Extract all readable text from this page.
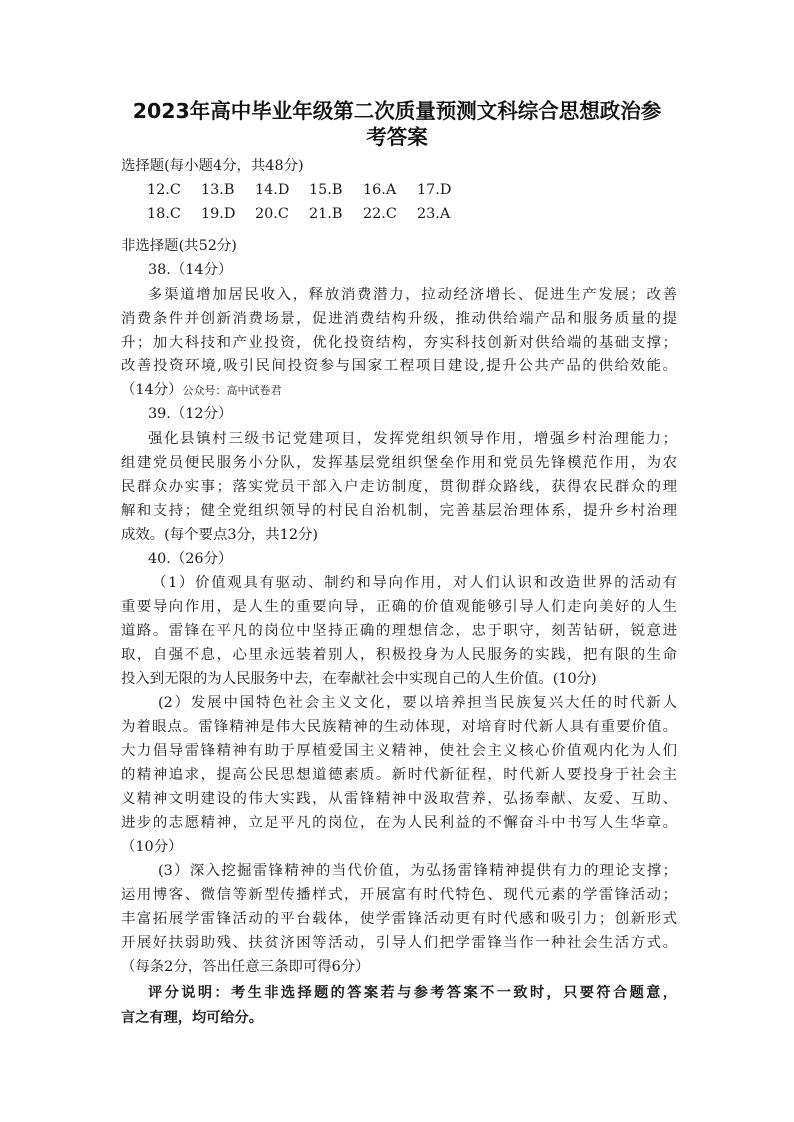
2023年高中毕业年级第二次质量预测文科综合思想政治参
考答案
选择题(每小题4分，共48分)
12.C 13.B 14.D 15.B 16.A 17.D
18.C 19.D 20.C 21.B 22.C 23.A
非选择题(共52分)
38.（14分）
多渠道增加居民收入，释放消费潜力，拉动经济增长、促进生产发展；改善
消费条件并创新消费场景，促进消费结构升级，推动供给端产品和服务质量的提
升；加大科技和产业投资，优化投资结构，夯实科技创新对供给端的基础支撑；
改善投资环境,吸引民间投资参与国家工程项目建设,提升公共产品的供给效能。
（14分）公众号：高中试卷君
39.（12分）
强化县镇村三级书记党建项目，发挥党组织领导作用，增强乡村治理能力；
组建党员便民服务小分队，发挥基层党组织堡垒作用和党员先锋模范作用，为农
民群众办实事；落实党员干部入户走访制度，贯彻群众路线，获得农民群众的理
解和支持；健全党组织领导的村民自治机制，完善基层治理体系，提升乡村治理
成效。(每个要点3分，共12分)
40.（26分）
（1）价值观具有驱动、制约和导向作用，对人们认识和改造世界的活动有
重要导向作用，是人生的重要向导，正确的价值观能够引导人们走向美好的人生
道路。雷锋在平凡的岗位中坚持正确的理想信念，忠于职守，刻苦钻研，锐意进
取，自强不息，心里永远装着别人，积极投身为人民服务的实践，把有限的生命
投入到无限的为人民服务中去，在奉献社会中实现自己的人生价值。(10分)
(2）发展中国特色社会主义文化，要以培养担当民族复兴大任的时代新人
为着眼点。雷锋精神是伟大民族精神的生动体现，对培育时代新人具有重要价值。
大力倡导雷锋精神有助于厚植爱国主义精神，使社会主义核心价值观内化为人们
的精神追求，提高公民思想道德素质。新时代新征程，时代新人要投身于社会主
义精神文明建设的伟大实践，从雷锋精神中汲取营养，弘扬奉献、友爱、互助、
进步的志愿精神，立足平凡的岗位，在为人民利益的不懈奋斗中书写人生华章。
（10分）
(3）深入挖掘雷锋精神的当代价值，为弘扬雷锋精神提供有力的理论支撑；
运用博客、微信等新型传播样式，开展富有时代特色、现代元素的学雷锋活动；
丰富拓展学雷锋活动的平台载体，使学雷锋活动更有时代感和吸引力；创新形式
开展好扶弱助残、扶贫济困等活动，引导人们把学雷锋当作一种社会生活方式。
（每条2分，答出任意三条即可得6分）
评分说明：考生非选择题的答案若与参考答案不一致时，只要符合题意，
言之有理，均可给分。
